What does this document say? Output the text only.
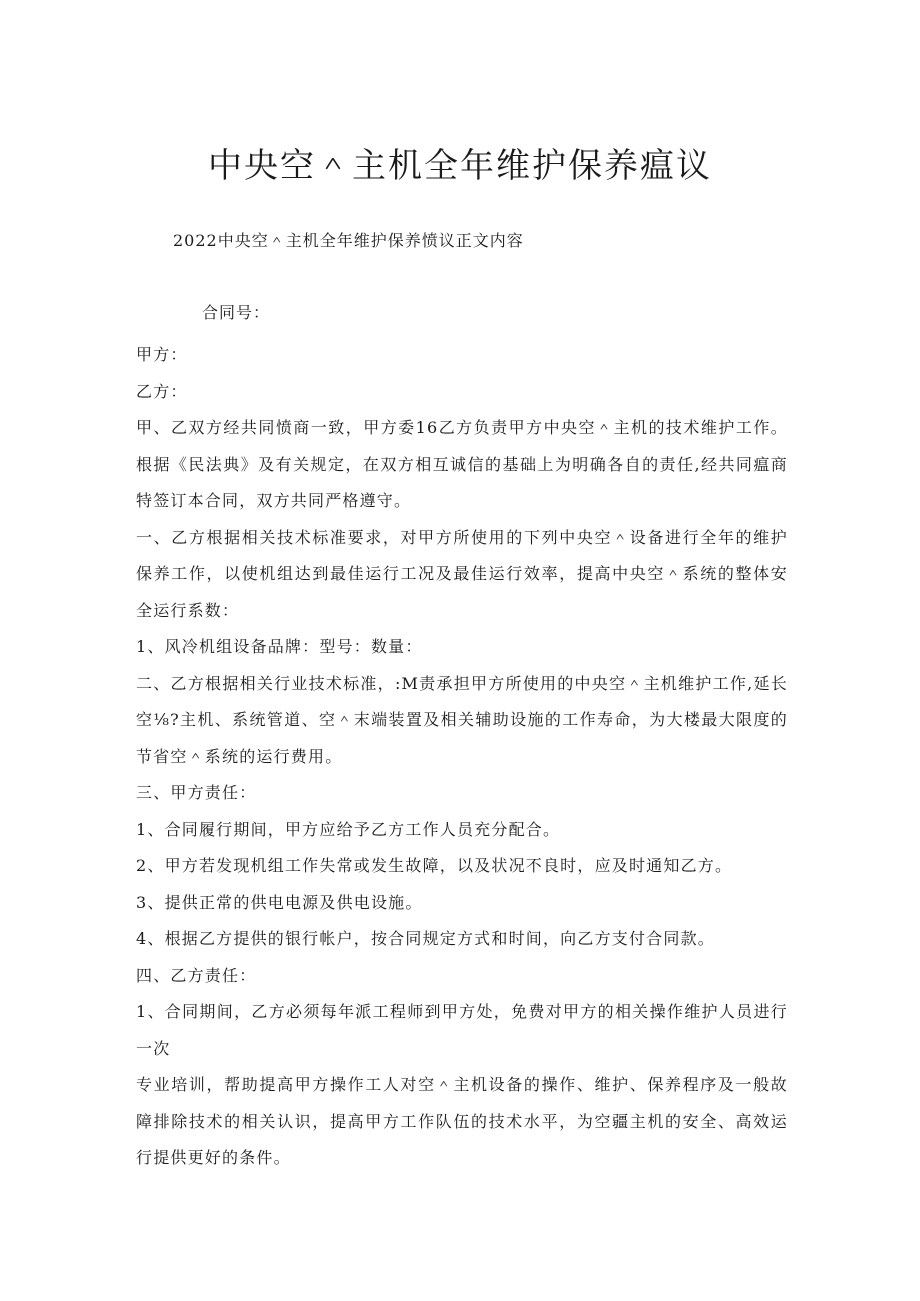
中央空＾主机全年维护保养瘟议
2022中央空＾主机全年维护保养愤议正文内容
合同号：

甲方：

乙方：

甲、乙双方经共同愤商一致，甲方委16乙方负责甲方中央空＾主机的技术维护工作。根据《民法典》及有关规定，在双方相互诚信的基础上为明确各自的责任,经共同瘟商特签订本合同，双方共同严格遵守。

一、乙方根据相关技术标准要求，对甲方所使用的下列中央空＾设备进行全年的维护保养工作，以使机组达到最佳运行工况及最佳运行效率，提高中央空＾系统的整体安全运行系数：

1、风冷机组设备品牌：型号：数量：

二、乙方根据相关行业技术标准，:M责承担甲方所使用的中央空＾主机维护工作,延长空⅛?主机、系统管道、空＾末端装置及相关辅助设施的工作寿命，为大楼最大限度的节省空＾系统的运行费用。

三、甲方责任：

1、合同履行期间，甲方应给予乙方工作人员充分配合。

2、甲方若发现机组工作失常或发生故障，以及状况不良时，应及时通知乙方。

3、提供正常的供电电源及供电设施。

4、根据乙方提供的银行帐户，按合同规定方式和时间，向乙方支付合同款。

四、乙方责任：

1、合同期间，乙方必须每年派工程师到甲方处，免费对甲方的相关操作维护人员进行一次

专业培训，帮助提高甲方操作工人对空＾主机设备的操作、维护、保养程序及一般故障排除技术的相关认识，提高甲方工作队伍的技术水平，为空疆主机的安全、高效运行提供更好的条件。
